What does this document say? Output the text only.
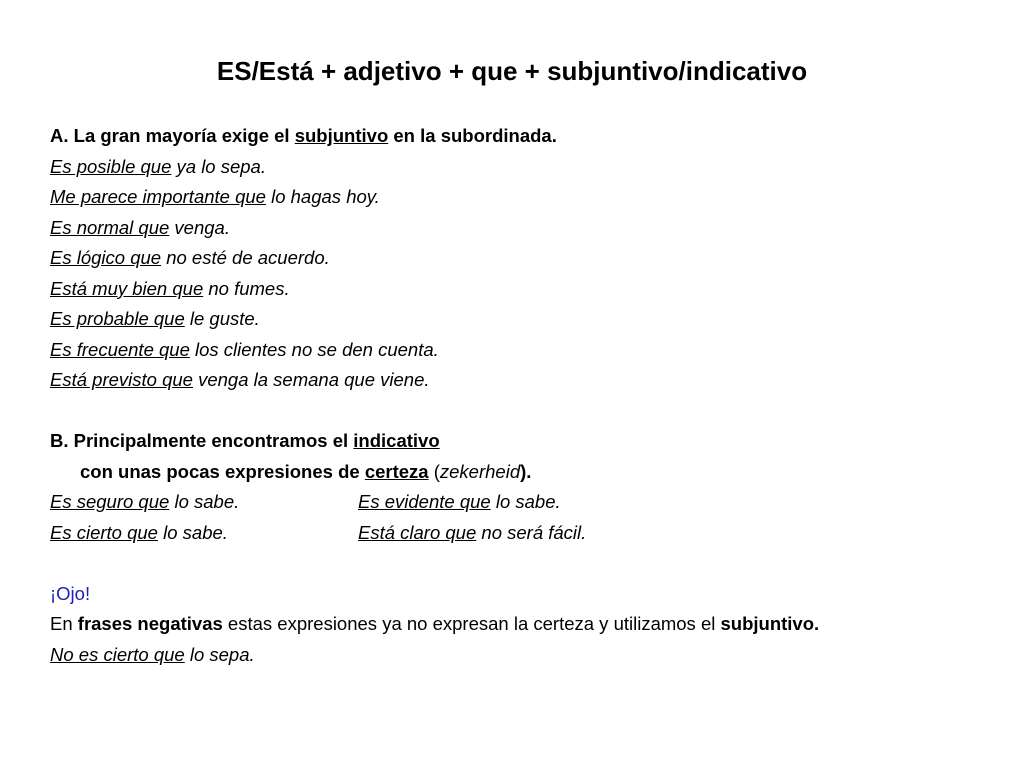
ES/Está + adjetivo + que + subjuntivo/indicativo
A. La gran mayoría exige el subjuntivo en la subordinada.
Es posible que ya lo sepa.
Me parece importante que lo hagas hoy.
Es normal que venga.
Es lógico que no esté de acuerdo.
Está muy bien que no fumes.
Es probable que le guste.
Es frecuente que los clientes no se den cuenta.
Está previsto que venga la semana que viene.
B. Principalmente encontramos el indicativo
con unas pocas expresiones de certeza (zekerheid).
Es seguro que lo sabe.	Es evidente que lo sabe.
Es cierto que lo sabe.	Está claro que no será fácil.
¡Ojo!
En frases negativas estas expresiones ya no expresan la certeza y utilizamos el subjuntivo.
No es cierto que lo sepa.
